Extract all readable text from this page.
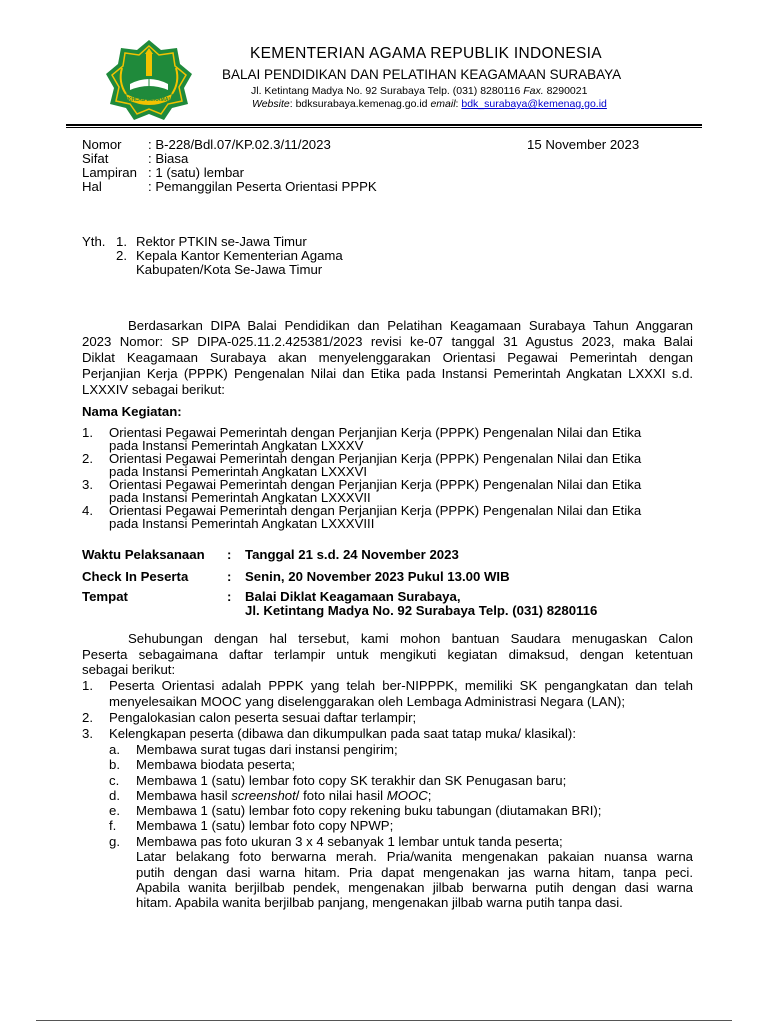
IKHLAS BERAMAL
KEMENTERIAN AGAMA REPUBLIK INDONESIA
BALAI PENDIDIKAN DAN PELATIHAN KEAGAMAAN SURABAYA
Jl. Ketintang Madya No. 92 Surabaya Telp. (031) 8280116 Fax. 8290021
Website: bdksurabaya.kemenag.go.id email: bdk_surabaya@kemenag.go.id
Nomor : B-228/Bdl.07/KP.02.3/11/2023	15 November 2023
Sifat	: Biasa
Lampiran : 1 (satu) lembar
Hal	: Pemanggilan Peserta Orientasi PPPK
Yth. 1. Rektor PTKIN se-Jawa Timur
2. Kepala Kantor Kementerian Agama
Kabupaten/Kota Se-Jawa Timur
Berdasarkan DIPA Balai Pendidikan dan Pelatihan Keagamaan Surabaya Tahun Anggaran
2023 Nomor: SP DIPA-025.11.2.425381/2023 revisi ke-07 tanggal 31 Agustus 2023, maka Balai
Diklat Keagamaan Surabaya akan menyelenggarakan Orientasi Pegawai Pemerintah dengan
Perjanjian Kerja (PPPK) Pengenalan Nilai dan Etika pada Instansi Pemerintah Angkatan LXXXI s.d.
LXXXIV sebagai berikut:
Nama Kegiatan:
1. Orientasi Pegawai Pemerintah dengan Perjanjian Kerja (PPPK) Pengenalan Nilai dan Etika
pada Instansi Pemerintah Angkatan LXXXV
2. Orientasi Pegawai Pemerintah dengan Perjanjian Kerja (PPPK) Pengenalan Nilai dan Etika
pada Instansi Pemerintah Angkatan LXXXVI
3. Orientasi Pegawai Pemerintah dengan Perjanjian Kerja (PPPK) Pengenalan Nilai dan Etika
pada Instansi Pemerintah Angkatan LXXXVII
4. Orientasi Pegawai Pemerintah dengan Perjanjian Kerja (PPPK) Pengenalan Nilai dan Etika
pada Instansi Pemerintah Angkatan LXXXVIII
Waktu Pelaksanaan : Tanggal 21 s.d. 24 November 2023
Check In Peserta	: Senin, 20 November 2023 Pukul 13.00 WIB
Tempat	: Balai Diklat Keagamaan Surabaya,
Jl. Ketintang Madya No. 92 Surabaya Telp. (031) 8280116
Sehubungan dengan hal tersebut, kami mohon bantuan Saudara menugaskan Calon
Peserta sebagaimana daftar terlampir untuk mengikuti kegiatan dimaksud, dengan ketentuan
sebagai berikut:
1. Peserta Orientasi adalah PPPK yang telah ber-NIPPPK, memiliki SK pengangkatan dan telah
menyelesaikan MOOC yang diselenggarakan oleh Lembaga Administrasi Negara (LAN);
2. Pengalokasian calon peserta sesuai daftar terlampir;
3. Kelengkapan peserta (dibawa dan dikumpulkan pada saat tatap muka/ klasikal):
a. Membawa surat tugas dari instansi pengirim;
b. Membawa biodata peserta;
c. Membawa 1 (satu) lembar foto copy SK terakhir dan SK Penugasan baru;
d. Membawa hasil screenshot/ foto nilai hasil MOOC;
e. Membawa 1 (satu) lembar foto copy rekening buku tabungan (diutamakan BRI);
f. Membawa 1 (satu) lembar foto copy NPWP;
g. Membawa pas foto ukuran 3 x 4 sebanyak 1 lembar untuk tanda peserta;
Latar belakang foto berwarna merah. Pria/wanita mengenakan pakaian nuansa warna
putih dengan dasi warna hitam. Pria dapat mengenakan jas warna hitam, tanpa peci.
Apabila wanita berjilbab pendek, mengenakan jilbab berwarna putih dengan dasi warna
hitam. Apabila wanita berjilbab panjang, mengenakan jilbab warna putih tanpa dasi.
